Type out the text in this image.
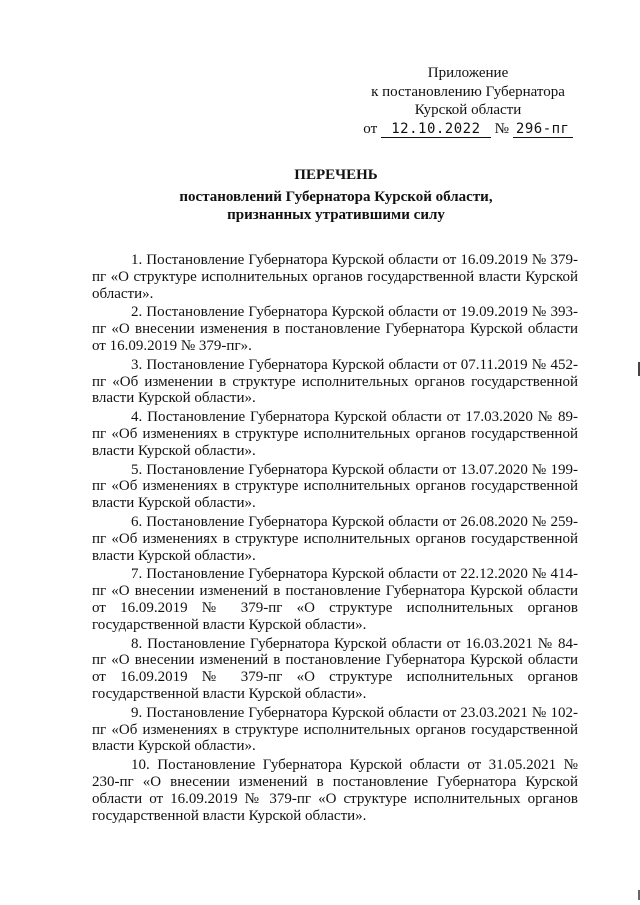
Приложение
к постановлению Губернатора
Курской области
от 12.10.2022 № 296-пг
ПЕРЕЧЕНЬ
постановлений Губернатора Курской области,
признанных утратившими силу

1. Постановление Губернатора Курской области от 16.09.2019 № 379-пг «О структуре исполнительных органов государственной власти Курской области».

2. Постановление Губернатора Курской области от 19.09.2019 № 393-пг «О внесении изменения в постановление Губернатора Курской области от 16.09.2019 № 379-пг».

3. Постановление Губернатора Курской области от 07.11.2019 № 452-пг «Об изменении в структуре исполнительных органов государственной власти Курской области».

4. Постановление Губернатора Курской области от 17.03.2020 № 89-пг «Об изменениях в структуре исполнительных органов государственной власти Курской области».

5. Постановление Губернатора Курской области от 13.07.2020 № 199-пг «Об изменениях в структуре исполнительных органов государственной власти Курской области».

6. Постановление Губернатора Курской области от 26.08.2020 № 259-пг «Об изменениях в структуре исполнительных органов государственной власти Курской области».

7. Постановление Губернатора Курской области от 22.12.2020 № 414-пг «О внесении изменений в постановление Губернатора Курской области от 16.09.2019 № 379-пг «О структуре исполнительных органов государственной власти Курской области».

8. Постановление Губернатора Курской области от 16.03.2021 № 84-пг «О внесении изменений в постановление Губернатора Курской области от 16.09.2019 № 379-пг «О структуре исполнительных органов государственной власти Курской области».

9. Постановление Губернатора Курской области от 23.03.2021 № 102-пг «Об изменениях в структуре исполнительных органов государственной власти Курской области».

10. Постановление Губернатора Курской области от 31.05.2021 № 230-пг «О внесении изменений в постановление Губернатора Курской области от 16.09.2019 № 379-пг «О структуре исполнительных органов государственной власти Курской области».
